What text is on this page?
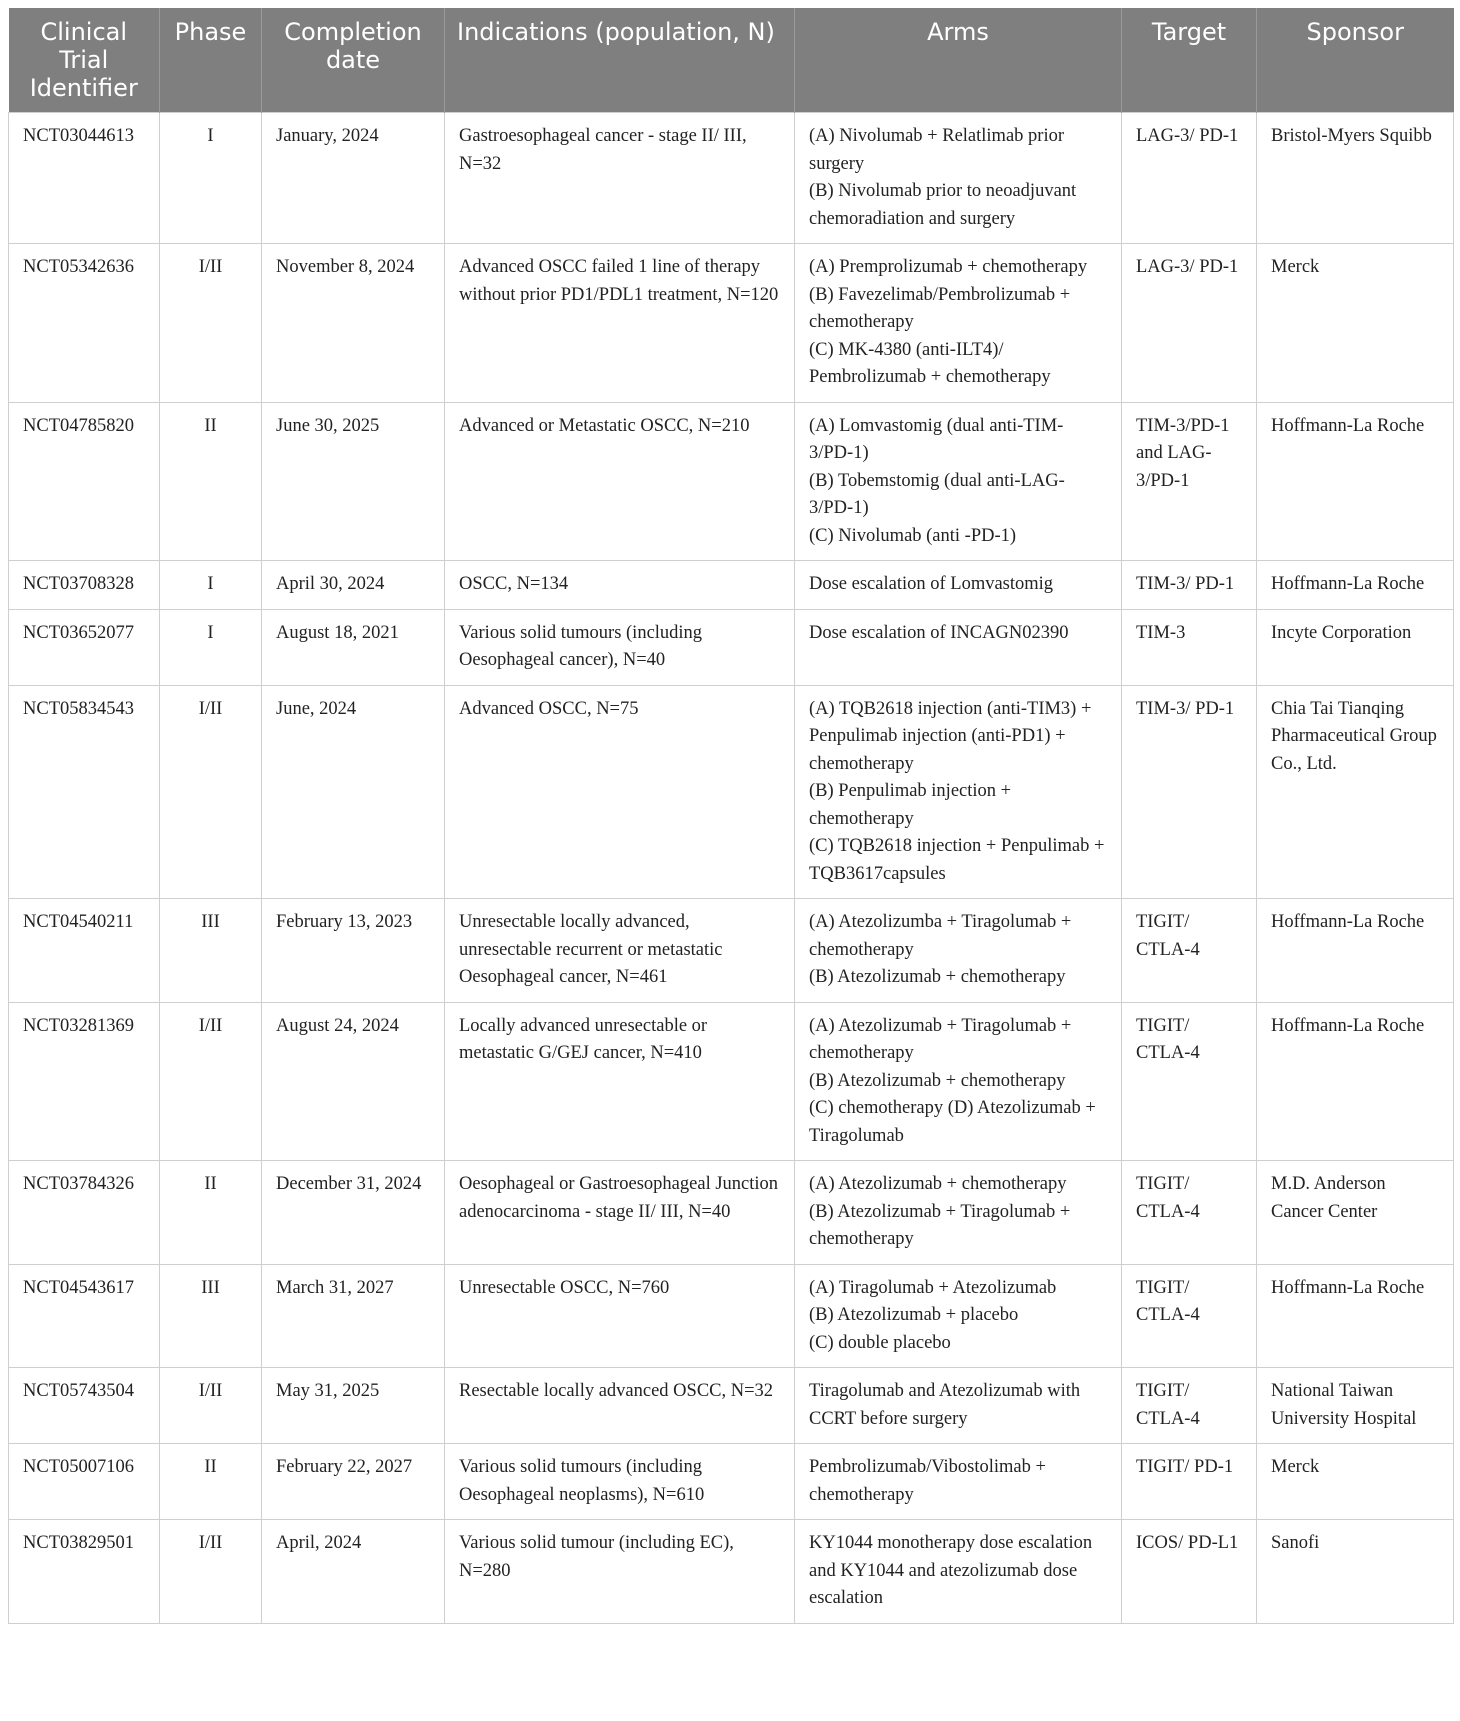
Clinical
Trial
Identifier	Phase	Completion
date	Indications (population, N)	Arms	Target	Sponsor
NCT03044613	I	January, 2024	Gastroesophageal cancer - stage II/ III, N=32	(A) Nivolumab + Relatlimab prior surgery
(B) Nivolumab prior to neoadjuvant chemoradiation and surgery	LAG-3/ PD-1	Bristol-Myers Squibb
NCT05342636	I/II	November 8, 2024	Advanced OSCC failed 1 line of therapy without prior PD1/PDL1 treatment, N=120	(A) Premprolizumab + chemotherapy
(B) Favezelimab/Pembrolizumab + chemotherapy
(C) MK-4380 (anti-ILT4)/ Pembrolizumab + chemotherapy	LAG-3/ PD-1	Merck
NCT04785820	II	June 30, 2025	Advanced or Metastatic OSCC, N=210	(A) Lomvastomig (dual anti-TIM-3/PD-1)
(B) Tobemstomig (dual anti-LAG-3/PD-1)
(C) Nivolumab (anti -PD-1)	TIM-3/PD-1 and LAG-3/PD-1	Hoffmann-La Roche
NCT03708328	I	April 30, 2024	OSCC, N=134	Dose escalation of Lomvastomig	TIM-3/ PD-1	Hoffmann-La Roche
NCT03652077	I	August 18, 2021	Various solid tumours (including Oesophageal cancer), N=40	Dose escalation of INCAGN02390	TIM-3	Incyte Corporation
NCT05834543	I/II	June, 2024	Advanced OSCC, N=75	(A) TQB2618 injection (anti-TIM3) + Penpulimab injection (anti-PD1) + chemotherapy
(B) Penpulimab injection + chemotherapy
(C) TQB2618 injection + Penpulimab + TQB3617capsules	TIM-3/ PD-1	Chia Tai Tianqing Pharmaceutical Group Co., Ltd.
NCT04540211	III	February 13, 2023	Unresectable locally advanced, unresectable recurrent or metastatic Oesophageal cancer, N=461	(A) Atezolizumba + Tiragolumab + chemotherapy
(B) Atezolizumab + chemotherapy	TIGIT/ CTLA-4	Hoffmann-La Roche
NCT03281369	I/II	August 24, 2024	Locally advanced unresectable or metastatic G/GEJ cancer, N=410	(A) Atezolizumab + Tiragolumab + chemotherapy
(B) Atezolizumab + chemotherapy
(C) chemotherapy (D) Atezolizumab + Tiragolumab	TIGIT/ CTLA-4	Hoffmann-La Roche
NCT03784326	II	December 31, 2024	Oesophageal or Gastroesophageal Junction adenocarcinoma - stage II/ III, N=40	(A) Atezolizumab + chemotherapy
(B) Atezolizumab + Tiragolumab + chemotherapy	TIGIT/ CTLA-4	M.D. Anderson Cancer Center
NCT04543617	III	March 31, 2027	Unresectable OSCC, N=760	(A) Tiragolumab + Atezolizumab
(B) Atezolizumab + placebo
(C) double placebo	TIGIT/ CTLA-4	Hoffmann-La Roche
NCT05743504	I/II	May 31, 2025	Resectable locally advanced OSCC, N=32	Tiragolumab and Atezolizumab with CCRT before surgery	TIGIT/ CTLA-4	National Taiwan University Hospital
NCT05007106	II	February 22, 2027	Various solid tumours (including Oesophageal neoplasms), N=610	Pembrolizumab/Vibostolimab + chemotherapy	TIGIT/ PD-1	Merck
NCT03829501	I/II	April, 2024	Various solid tumour (including EC), N=280	KY1044 monotherapy dose escalation and KY1044 and atezolizumab dose escalation	ICOS/ PD-L1	Sanofi
